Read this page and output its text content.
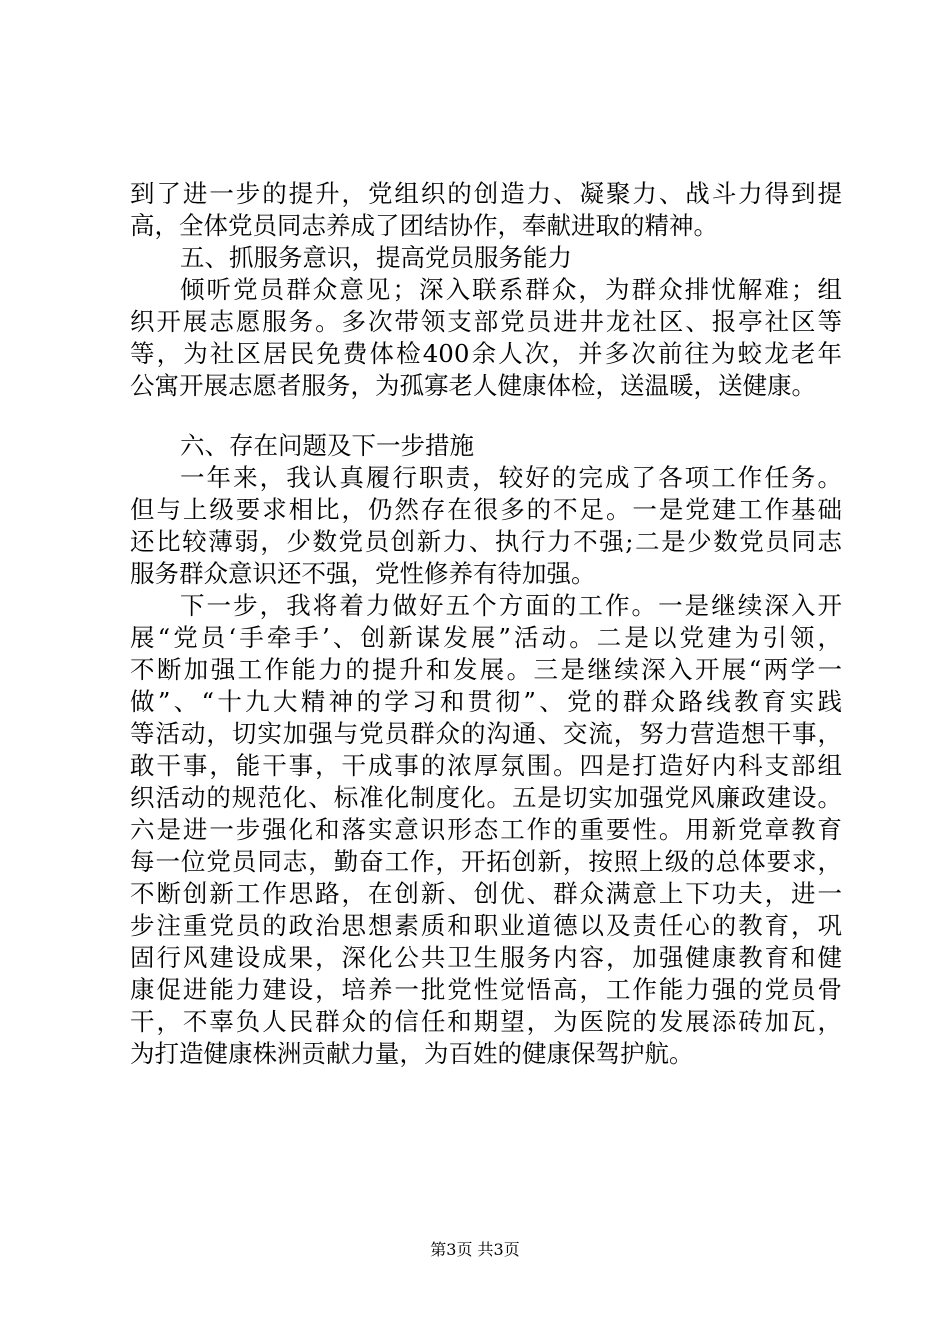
到了进一步的提升，党组织的创造力、凝聚力、战斗力得到提
高，全体党员同志养成了团结协作，奉献进取的精神。
五、抓服务意识，提高党员服务能力
倾听党员群众意见；深入联系群众，为群众排忧解难；组
织开展志愿服务。多次带领支部党员进井龙社区、报亭社区等
等，为社区居民免费体检400余人次，并多次前往为蛟龙老年
公寓开展志愿者服务，为孤寡老人健康体检，送温暖，送健康。
六、存在问题及下一步措施
一年来，我认真履行职责，较好的完成了各项工作任务。
但与上级要求相比，仍然存在很多的不足。一是党建工作基础
还比较薄弱，少数党员创新力、执行力不强;二是少数党员同志
服务群众意识还不强，党性修养有待加强。
下一步，我将着力做好五个方面的工作。一是继续深入开
展“党员‘手牵手’、创新谋发展”活动。二是以党建为引领，
不断加强工作能力的提升和发展。三是继续深入开展“两学一
做”、“十九大精神的学习和贯彻”、党的群众路线教育实践
等活动，切实加强与党员群众的沟通、交流，努力营造想干事，
敢干事，能干事，干成事的浓厚氛围。四是打造好内科支部组
织活动的规范化、标准化制度化。五是切实加强党风廉政建设。
六是进一步强化和落实意识形态工作的重要性。用新党章教育
每一位党员同志，勤奋工作，开拓创新，按照上级的总体要求，
不断创新工作思路，在创新、创优、群众满意上下功夫，进一
步注重党员的政治思想素质和职业道德以及责任心的教育，巩
固行风建设成果，深化公共卫生服务内容，加强健康教育和健
康促进能力建设，培养一批党性觉悟高，工作能力强的党员骨
干，不辜负人民群众的信任和期望，为医院的发展添砖加瓦，
为打造健康株洲贡献力量，为百姓的健康保驾护航。
第3页 共3页
